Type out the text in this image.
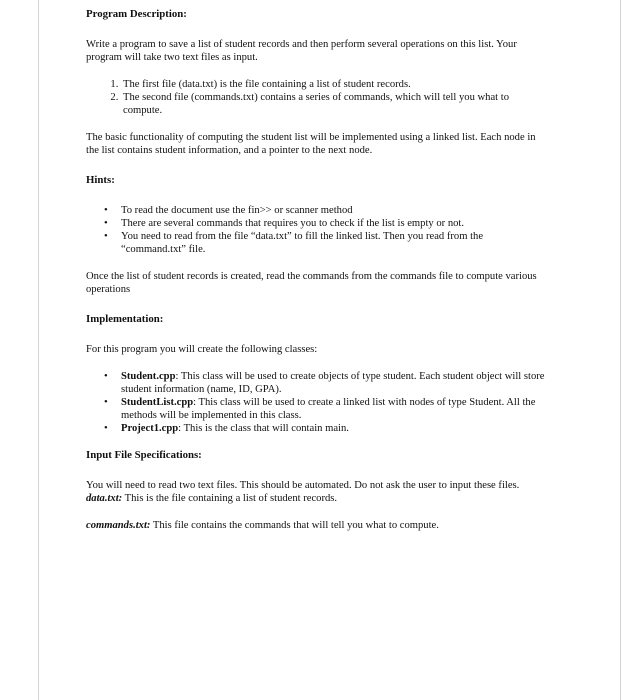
Program Description:

Write a program to save a list of student records and then perform several operations on this list. Your program will take two text files as input.

1. The first file (data.txt) is the file containing a list of student records.
2. The second file (commands.txt) contains a series of commands, which will tell you what to compute.

The basic functionality of computing the student list will be implemented using a linked list. Each node in the list contains student information, and a pointer to the next node.

Hints:

• To read the document use the fin>> or scanner method
• There are several commands that requires you to check if the list is empty or not.
• You need to read from the file “data.txt” to fill the linked list. Then you read from the “command.txt” file.

Once the list of student records is created, read the commands from the commands file to compute various operations

Implementation:

For this program you will create the following classes:

• Student.cpp: This class will be used to create objects of type student. Each student object will store student information (name, ID, GPA).
• StudentList.cpp: This class will be used to create a linked list with nodes of type Student. All the methods will be implemented in this class.
• Project1.cpp: This is the class that will contain main.

Input File Specifications:

You will need to read two text files. This should be automated. Do not ask the user to input these files.

data.txt: This is the file containing a list of student records.

commands.txt: This file contains the commands that will tell you what to compute.
